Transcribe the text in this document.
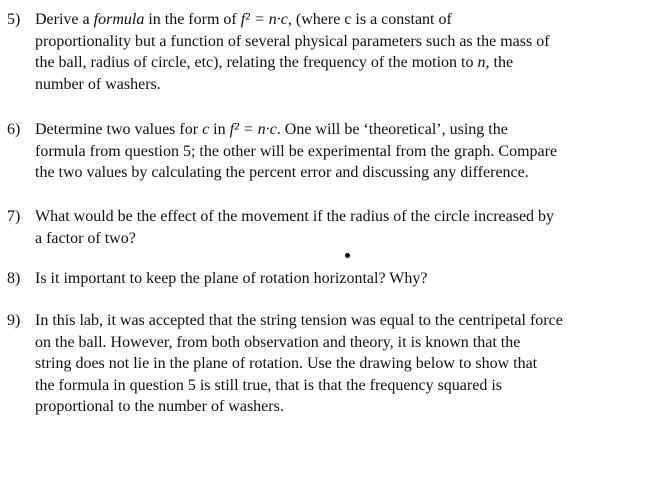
5) Derive a formula in the form of f² = n·c, (where c is a constant of
proportionality but a function of several physical parameters such as the mass of
the ball, radius of circle, etc), relating the frequency of the motion to n, the
number of washers.
6) Determine two values for c in f² = n·c. One will be ‘theoretical’, using the
formula from question 5; the other will be experimental from the graph. Compare
the two values by calculating the percent error and discussing any difference.
7) What would be the effect of the movement if the radius of the circle increased by
a factor of two?
8) Is it important to keep the plane of rotation horizontal? Why?
9) In this lab, it was accepted that the string tension was equal to the centripetal force
on the ball. However, from both observation and theory, it is known that the
string does not lie in the plane of rotation. Use the drawing below to show that
the formula in question 5 is still true, that is that the frequency squared is
proportional to the number of washers.
